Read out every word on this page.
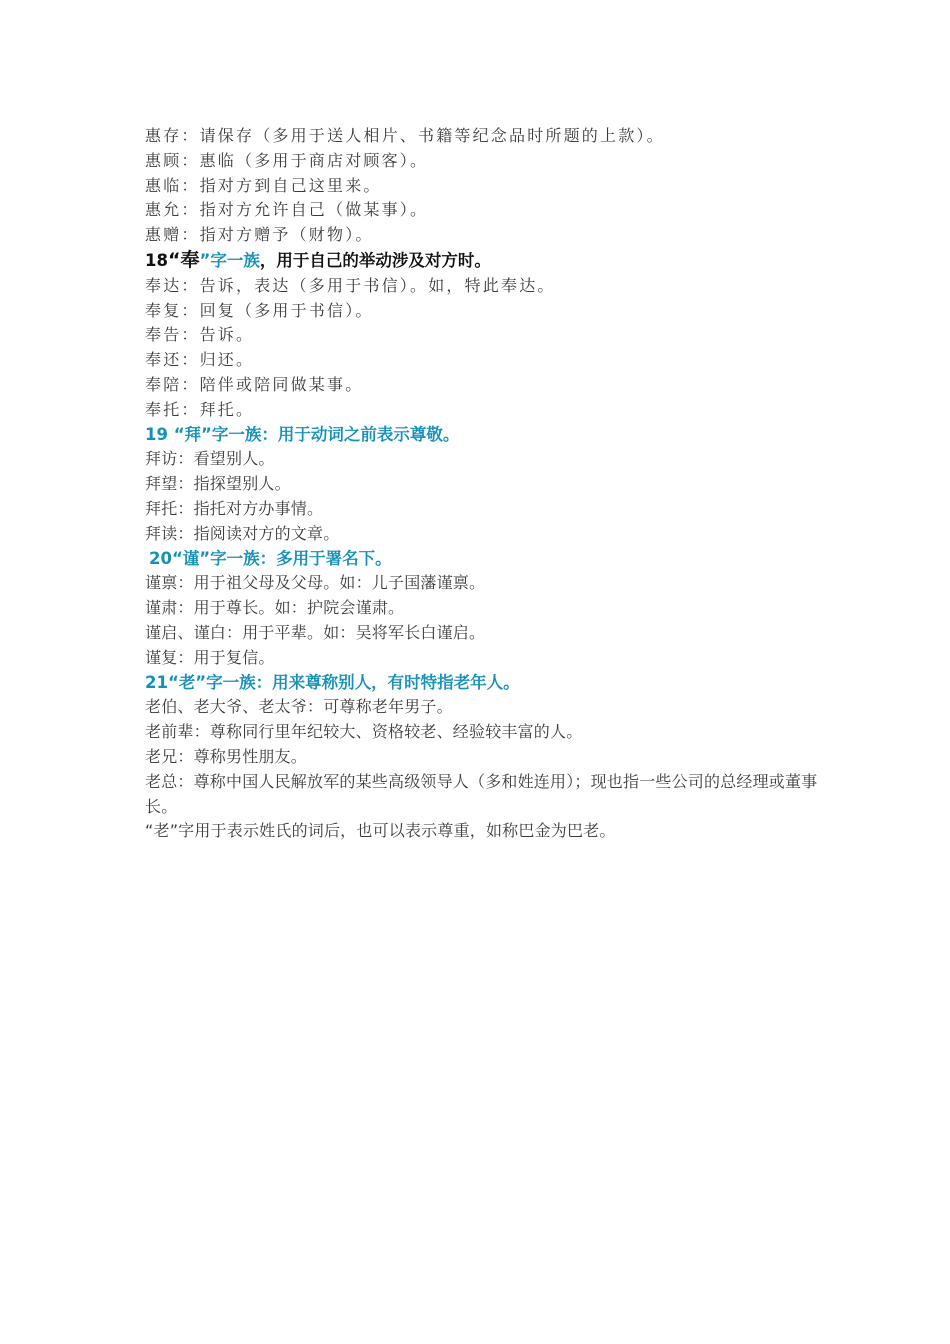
惠存：请保存（多用于送人相片、书籍等纪念品时所题的上款）。
惠顾：惠临（多用于商店对顾客）。
惠临：指对方到自己这里来。
惠允：指对方允许自己（做某事）。
惠赠：指对方赠予（财物）。
18“奉”字一族，用于自己的举动涉及对方时。
奉达：告诉，表达（多用于书信）。如，特此奉达。
奉复：回复（多用于书信）。
奉告：告诉。
奉还：归还。
奉陪：陪伴或陪同做某事。
奉托：拜托。
19 “拜”字一族：用于动词之前表示尊敬。
拜访：看望别人。
拜望：指探望别人。
拜托：指托对方办事情。
拜读：指阅读对方的文章。
20“谨”字一族：多用于署名下。
谨禀：用于祖父母及父母。如：儿子国藩谨禀。
谨肃：用于尊长。如：护院会谨肃。
谨启、谨白：用于平辈。如：吴将军长白谨启。
谨复：用于复信。
21“老”字一族：用来尊称别人，有时特指老年人。
老伯、老大爷、老太爷：可尊称老年男子。
老前辈：尊称同行里年纪较大、资格较老、经验较丰富的人。
老兄：尊称男性朋友。
老总：尊称中国人民解放军的某些高级领导人（多和姓连用）；现也指一些公司的总经理或董事长。
“老”字用于表示姓氏的词后，也可以表示尊重，如称巴金为巴老。
